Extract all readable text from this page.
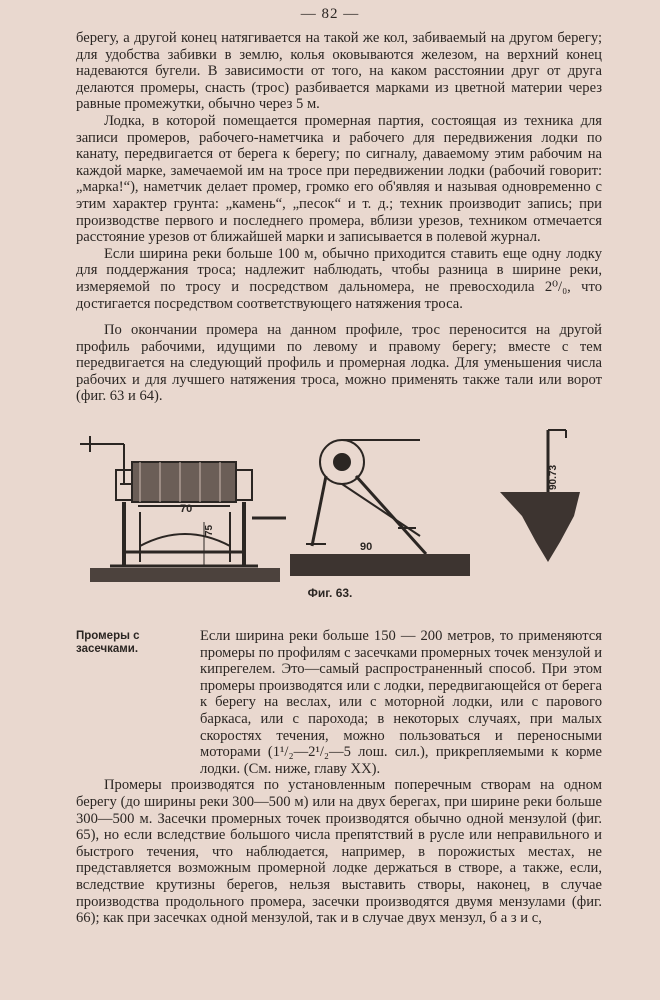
— 82 —

берегу, а другой конец натягивается на такой же кол, забиваемый на другом берегу; для удобства забивки в землю, колья оковываются железом, на верхний конец надеваются бугели. В зависимости от того, на каком расстоянии друг от друга делаются промеры, снасть (трос) разбивается марками из цветной материи через равные промежутки, обычно через 5 м.

Лодка, в которой помещается промерная партия, состоящая из техника для записи промеров, рабочего-наметчика и рабочего для передвижения лодки по канату, передвигается от берега к берегу; по сигналу, даваемому этим рабочим на каждой марке, замечаемой им на тросе при передвижении лодки (рабочий говорит: „марка!“), наметчик делает промер, громко его об'являя и называя одновременно с этим характер грунта: „камень“, „песок“ и т. д.; техник производит запись; при производстве первого и последнего промера, вблизи урезов, техником отмечается расстояние урезов от ближайшей марки и записывается в полевой журнал.

Если ширина реки больше 100 м, обычно приходится ставить еще одну лодку для поддержания троса; надлежит наблюдать, чтобы разница в ширине реки, измеряемой по тросу и посредством дальномера, не превосходила 2⁰/₀, что достигается посредством соответствующего натяжения троса.

По окончании промера на данном профиле, трос переносится на другой профиль рабочими, идущими по левому и правому берегу; вместе с тем передвигается на следующий профиль и промерная лодка. Для уменьшения числа рабочих и для лучшего натяжения троса, можно применять также тали или ворот (фиг. 63 и 64).

70
75
90
90.73
Фиг. 63.
Промеры с засечками.

Если ширина реки больше 150 — 200 метров, то применяются промеры по профилям с засечками промерных точек мензулой и кипрегелем. Это—самый распространенный способ. При этом промеры производятся или с лодки, передвигающейся от берега к берегу на веслах, или с моторной лодки, или с парового баркаса, или с парохода; в некоторых случаях, при малых скоростях течения, можно пользоваться и переносными моторами (1¹/₂—2¹/₂—5 лош. сил.), прикрепляемыми к корме лодки. (См. ниже, главу XX).

Промеры производятся по установленным поперечным створам на одном берегу (до ширины реки 300—500 м) или на двух берегах, при ширине реки больше 300—500 м. Засечки промерных точек производятся обычно одной мензулой (фиг. 65), но если вследствие большого числа препятствий в русле или неправильного и быстрого течения, что наблюдается, например, в порожистых местах, не представляется возможным промерной лодке держаться в створе, а также, если, вследствие крутизны берегов, нельзя выставить створы, наконец, в случае производства продольного промера, засечки производятся двумя мензулами (фиг. 66); как при засечках одной мензулой, так и в случае двух мензул, б а з и с,
